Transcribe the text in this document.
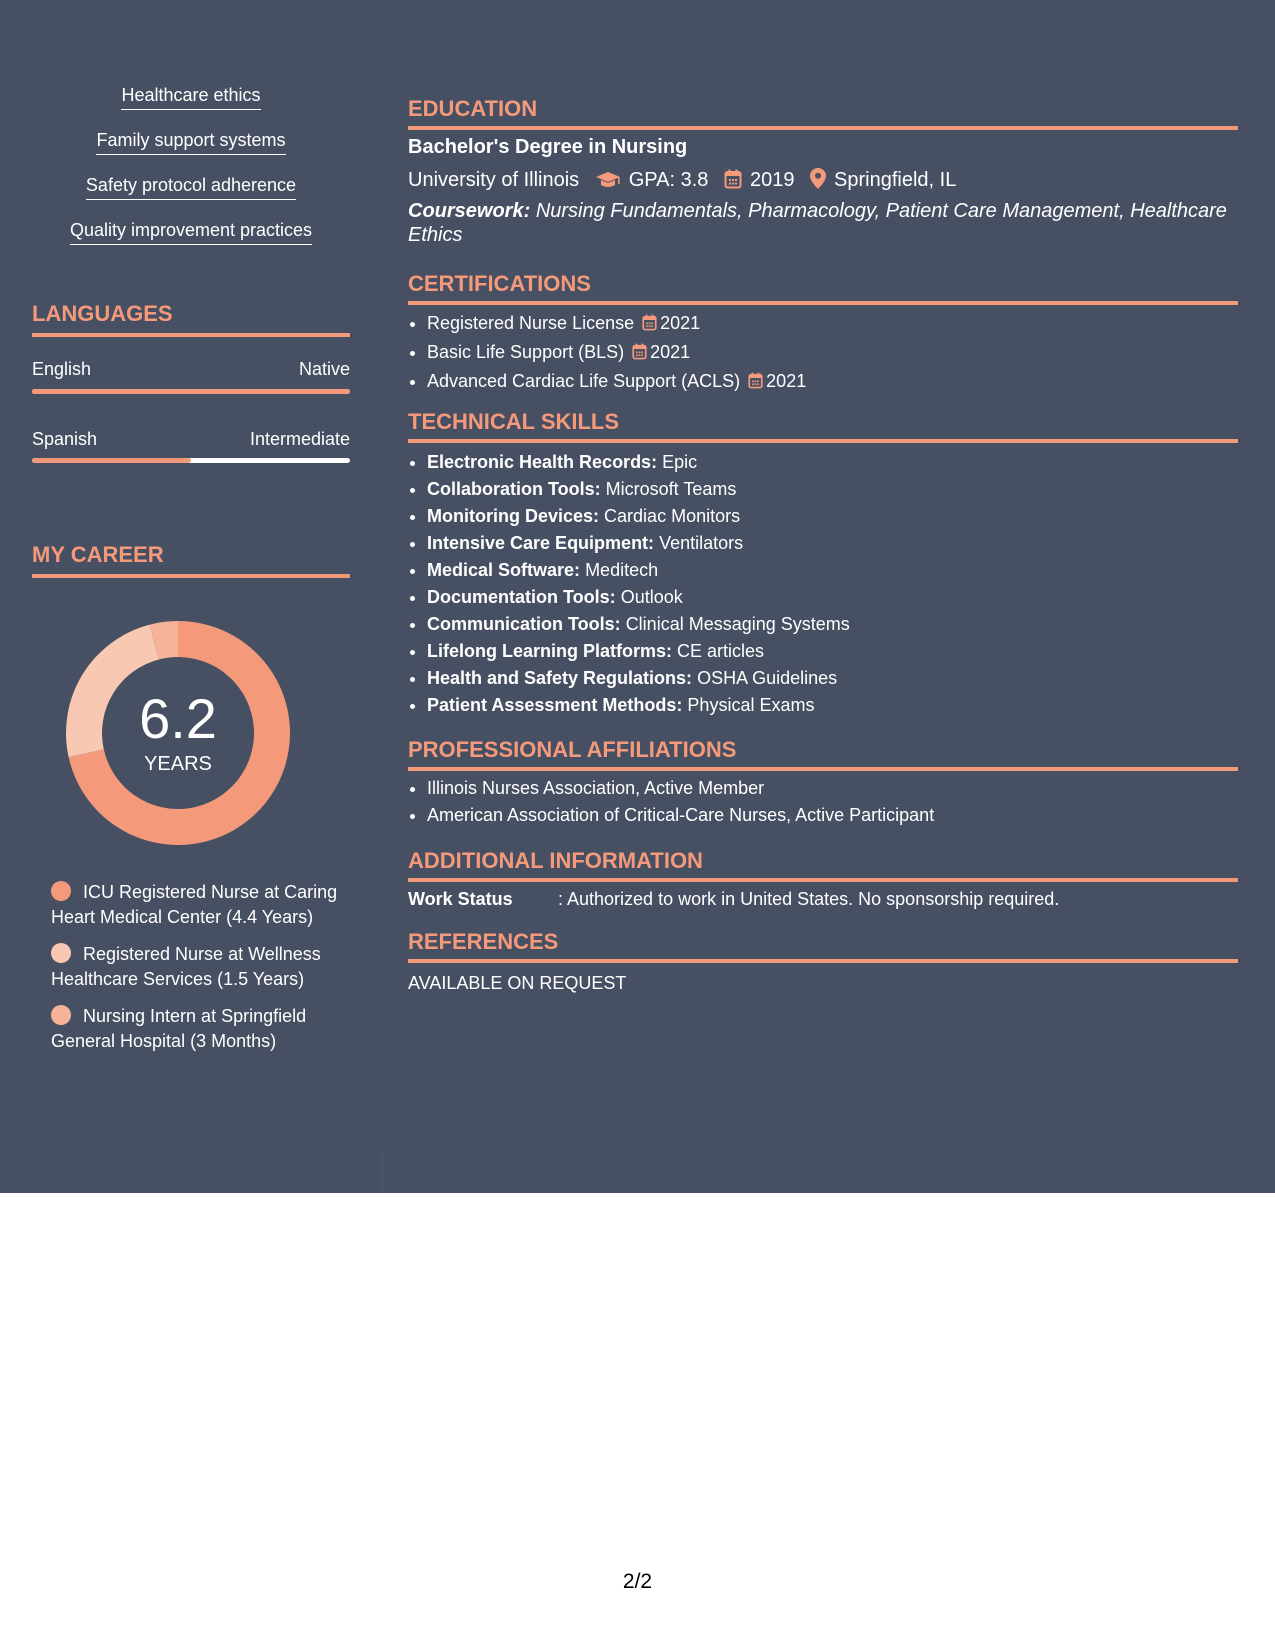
Healthcare ethics
Family support systems
Safety protocol adherence
Quality improvement practices
LANGUAGES
English	Native
Spanish	Intermediate
MY CAREER
6.2
YEARS
ICU Registered Nurse at Caring Heart Medical Center (4.4 Years)
Registered Nurse at Wellness Healthcare Services (1.5 Years)
Nursing Intern at Springfield General Hospital (3 Months)
EDUCATION
Bachelor's Degree in Nursing
University of Illinois GPA: 3.8 2019 Springfield, IL
Coursework: Nursing Fundamentals, Pharmacology, Patient Care Management, Healthcare Ethics
CERTIFICATIONS
• Registered Nurse License 2021
• Basic Life Support (BLS) 2021
• Advanced Cardiac Life Support (ACLS) 2021
TECHNICAL SKILLS
• Electronic Health Records: Epic
• Collaboration Tools: Microsoft Teams
• Monitoring Devices: Cardiac Monitors
• Intensive Care Equipment: Ventilators
• Medical Software: Meditech
• Documentation Tools: Outlook
• Communication Tools: Clinical Messaging Systems
• Lifelong Learning Platforms: CE articles
• Health and Safety Regulations: OSHA Guidelines
• Patient Assessment Methods: Physical Exams
PROFESSIONAL AFFILIATIONS
• Illinois Nurses Association, Active Member
• American Association of Critical-Care Nurses, Active Participant
ADDITIONAL INFORMATION
Work Status	: Authorized to work in United States. No sponsorship required.
REFERENCES
AVAILABLE ON REQUEST
2/2
